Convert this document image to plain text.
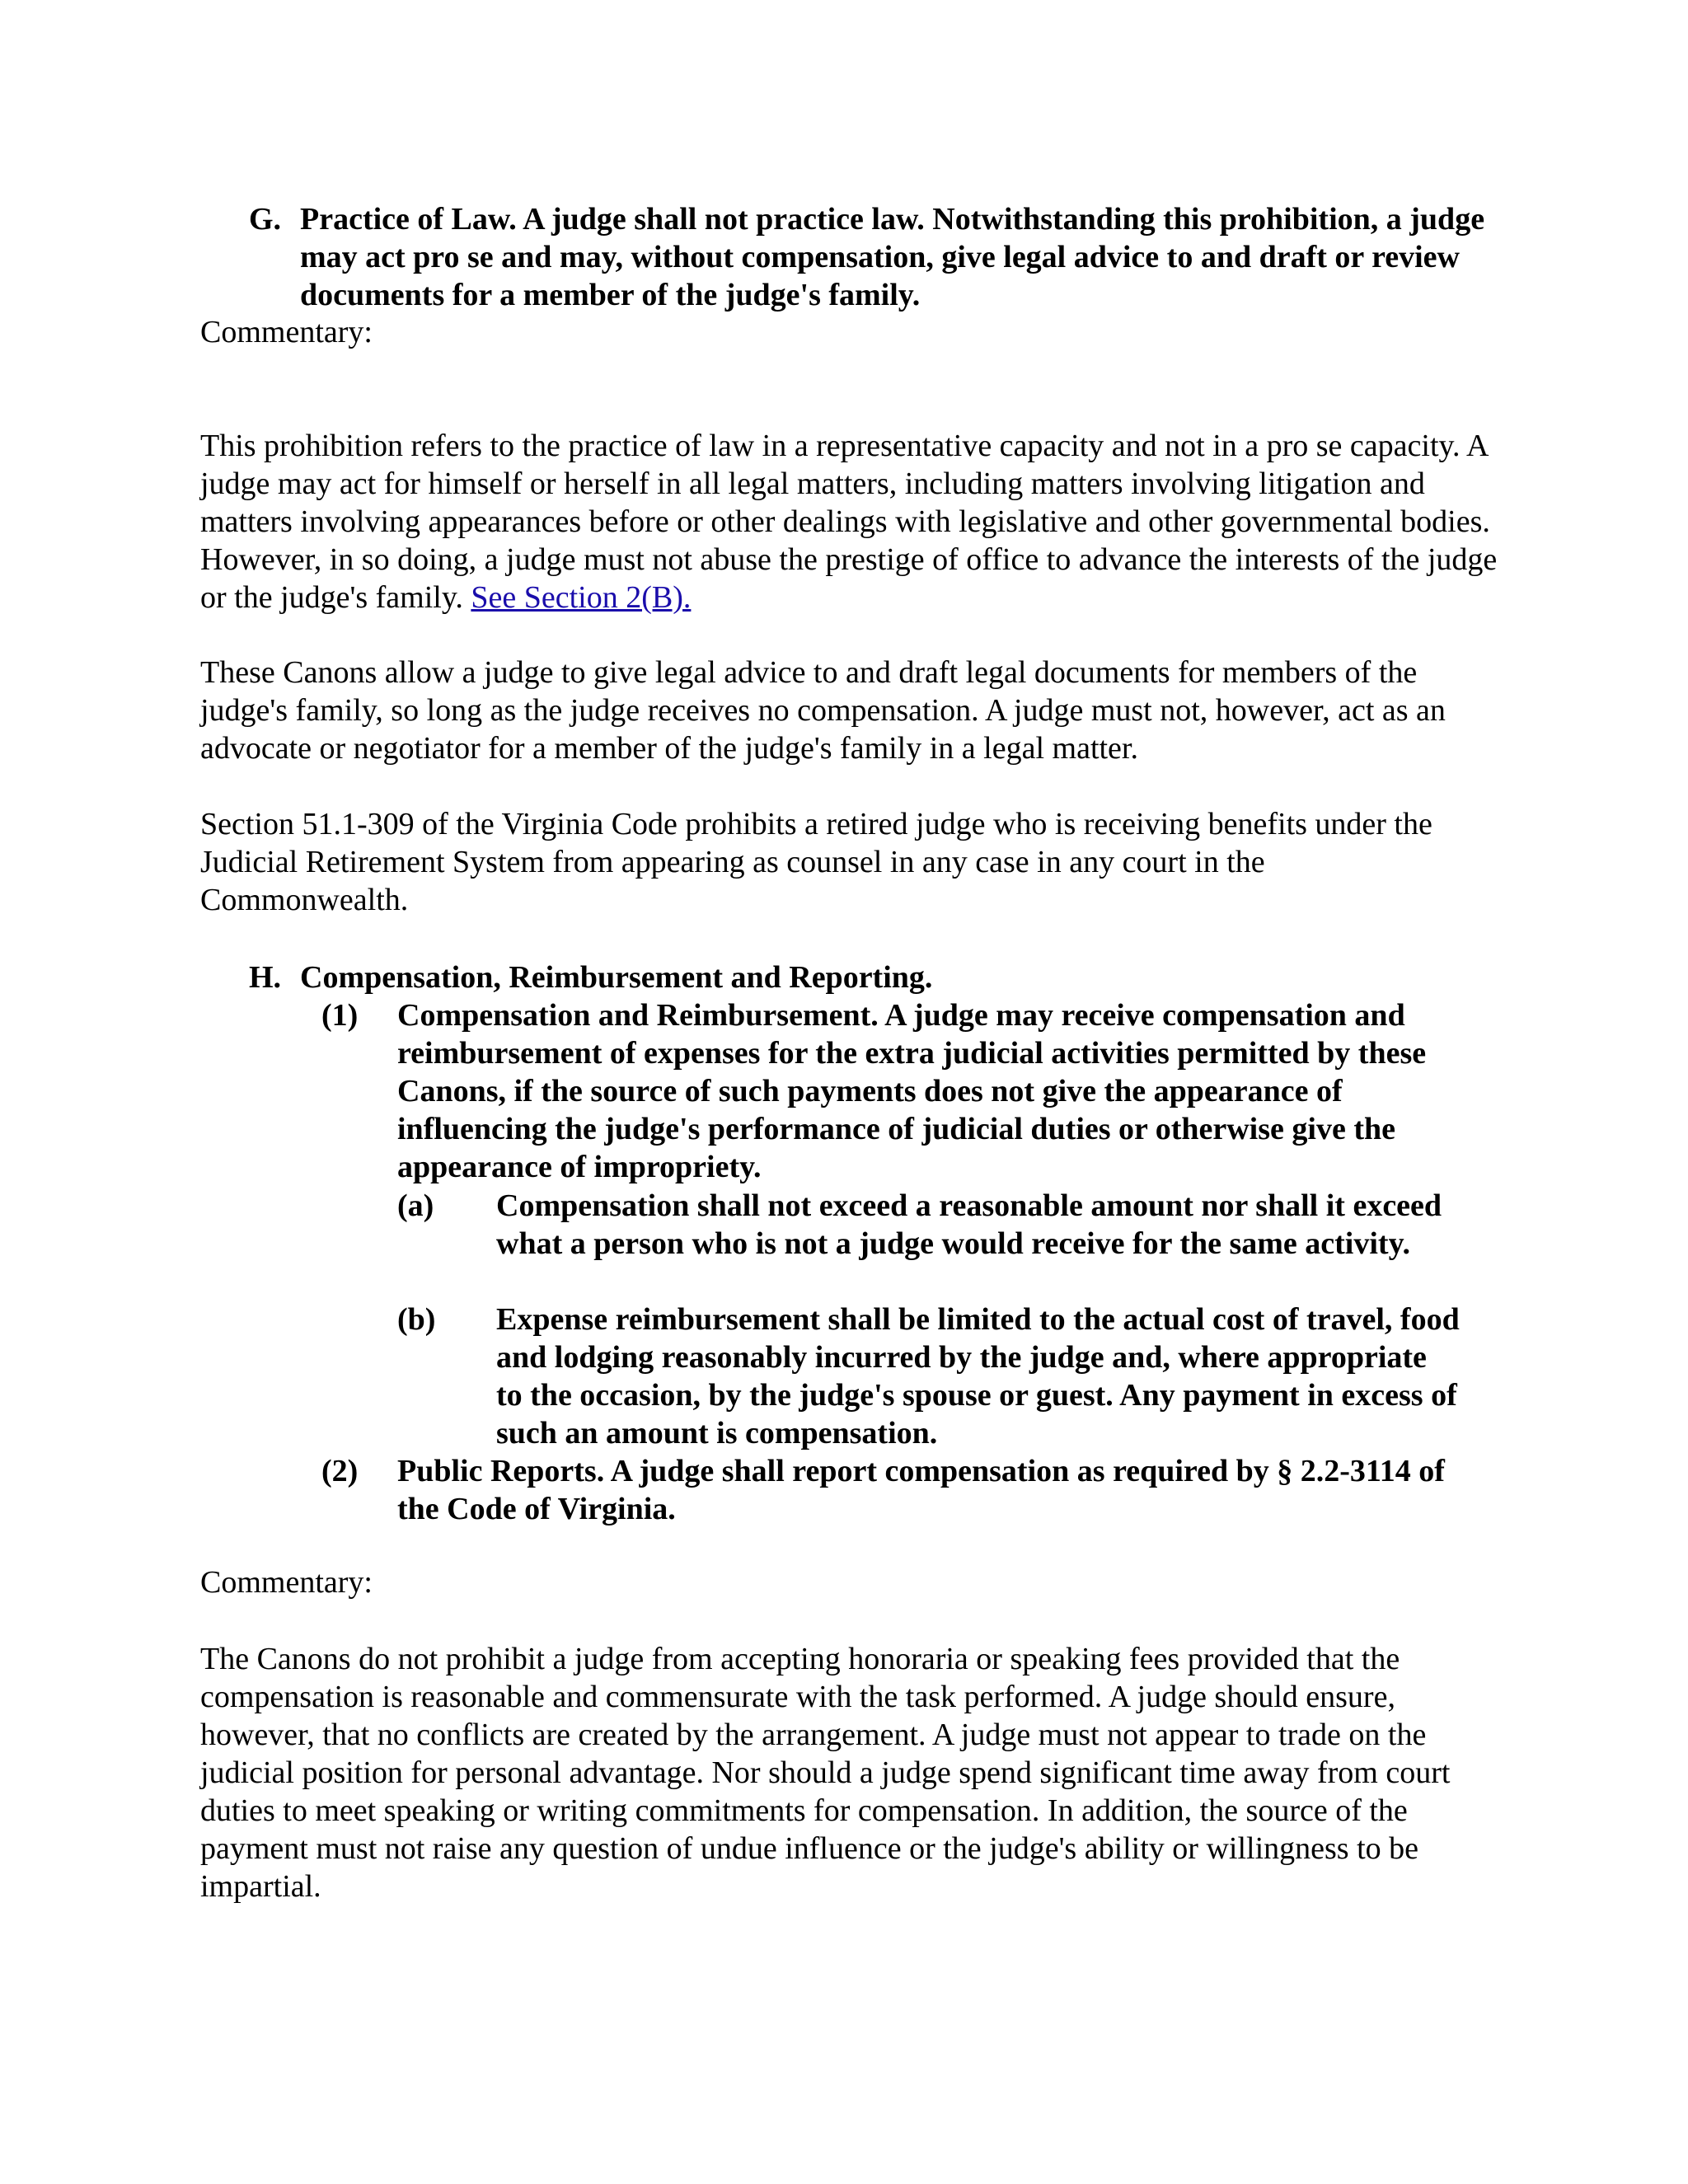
G. Practice of Law. A judge shall not practice law. Notwithstanding this prohibition, a judge may act pro se and may, without compensation, give legal advice to and draft or review documents for a member of the judge's family.

Commentary:

This prohibition refers to the practice of law in a representative capacity and not in a pro se capacity. A judge may act for himself or herself in all legal matters, including matters involving litigation and matters involving appearances before or other dealings with legislative and other governmental bodies. However, in so doing, a judge must not abuse the prestige of office to advance the interests of the judge or the judge's family. See Section 2(B).

These Canons allow a judge to give legal advice to and draft legal documents for members of the judge's family, so long as the judge receives no compensation. A judge must not, however, act as an advocate or negotiator for a member of the judge's family in a legal matter.

Section 51.1-309 of the Virginia Code prohibits a retired judge who is receiving benefits under the Judicial Retirement System from appearing as counsel in any case in any court in the Commonwealth.

H. Compensation, Reimbursement and Reporting.
(1) Compensation and Reimbursement. A judge may receive compensation and reimbursement of expenses for the extra judicial activities permitted by these Canons, if the source of such payments does not give the appearance of influencing the judge's performance of judicial duties or otherwise give the appearance of impropriety.
(a) Compensation shall not exceed a reasonable amount nor shall it exceed what a person who is not a judge would receive for the same activity.
(b) Expense reimbursement shall be limited to the actual cost of travel, food and lodging reasonably incurred by the judge and, where appropriate to the occasion, by the judge's spouse or guest. Any payment in excess of such an amount is compensation.
(2) Public Reports. A judge shall report compensation as required by § 2.2-3114 of the Code of Virginia.

Commentary:

The Canons do not prohibit a judge from accepting honoraria or speaking fees provided that the compensation is reasonable and commensurate with the task performed. A judge should ensure, however, that no conflicts are created by the arrangement. A judge must not appear to trade on the judicial position for personal advantage. Nor should a judge spend significant time away from court duties to meet speaking or writing commitments for compensation. In addition, the source of the payment must not raise any question of undue influence or the judge's ability or willingness to be impartial.
